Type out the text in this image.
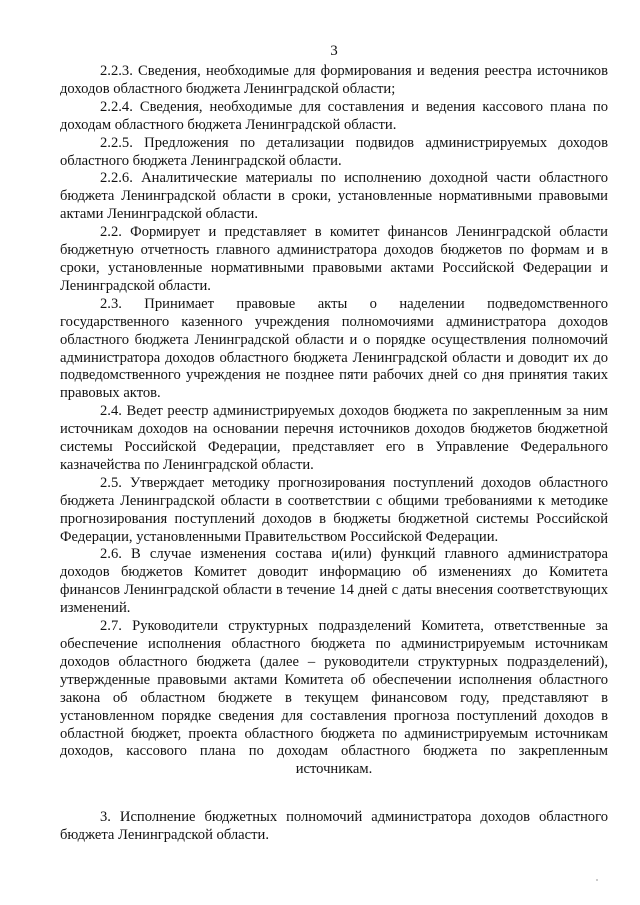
3

2.2.3. Сведения, необходимые для формирования и ведения реестра источников доходов областного бюджета Ленинградской области;

2.2.4. Сведения, необходимые для составления и ведения кассового плана по доходам областного бюджета Ленинградской области.

2.2.5. Предложения по детализации подвидов администрируемых доходов областного бюджета Ленинградской области.

2.2.6. Аналитические материалы по исполнению доходной части областного бюджета Ленинградской области в сроки, установленные нормативными правовыми актами Ленинградской области.

2.2. Формирует и представляет в комитет финансов Ленинградской области бюджетную отчетность главного администратора доходов бюджетов по формам и в сроки, установленные нормативными правовыми актами Российской Федерации и Ленинградской области.

2.3. Принимает правовые акты о наделении подведомственного государственного казенного учреждения полномочиями администратора доходов областного бюджета Ленинградской области и о порядке осуществления полномочий администратора доходов областного бюджета Ленинградской области и доводит их до подведомственного учреждения не позднее пяти рабочих дней со дня принятия таких правовых актов.

2.4. Ведет реестр администрируемых доходов бюджета по закрепленным за ним источникам доходов на основании перечня источников доходов бюджетов бюджетной системы Российской Федерации, представляет его в Управление Федерального казначейства по Ленинградской области.

2.5. Утверждает методику прогнозирования поступлений доходов областного бюджета Ленинградской области в соответствии с общими требованиями к методике прогнозирования поступлений доходов в бюджеты бюджетной системы Российской Федерации, установленными Правительством Российской Федерации.

2.6. В случае изменения состава и(или) функций главного администратора доходов бюджетов Комитет доводит информацию об изменениях до Комитета финансов Ленинградской области в течение 14 дней с даты внесения соответствующих изменений.

2.7. Руководители структурных подразделений Комитета, ответственные за обеспечение исполнения областного бюджета по администрируемым источникам доходов областного бюджета (далее – руководители структурных подразделений), утвержденные правовыми актами Комитета об обеспечении исполнения областного закона об областном бюджете в текущем финансовом году, представляют в установленном порядке сведения для составления прогноза поступлений доходов в областной бюджет, проекта областного бюджета по администрируемым источникам доходов, кассового плана по доходам областного бюджета по закрепленным источникам.

3. Исполнение бюджетных полномочий администратора доходов областного бюджета Ленинградской области.
